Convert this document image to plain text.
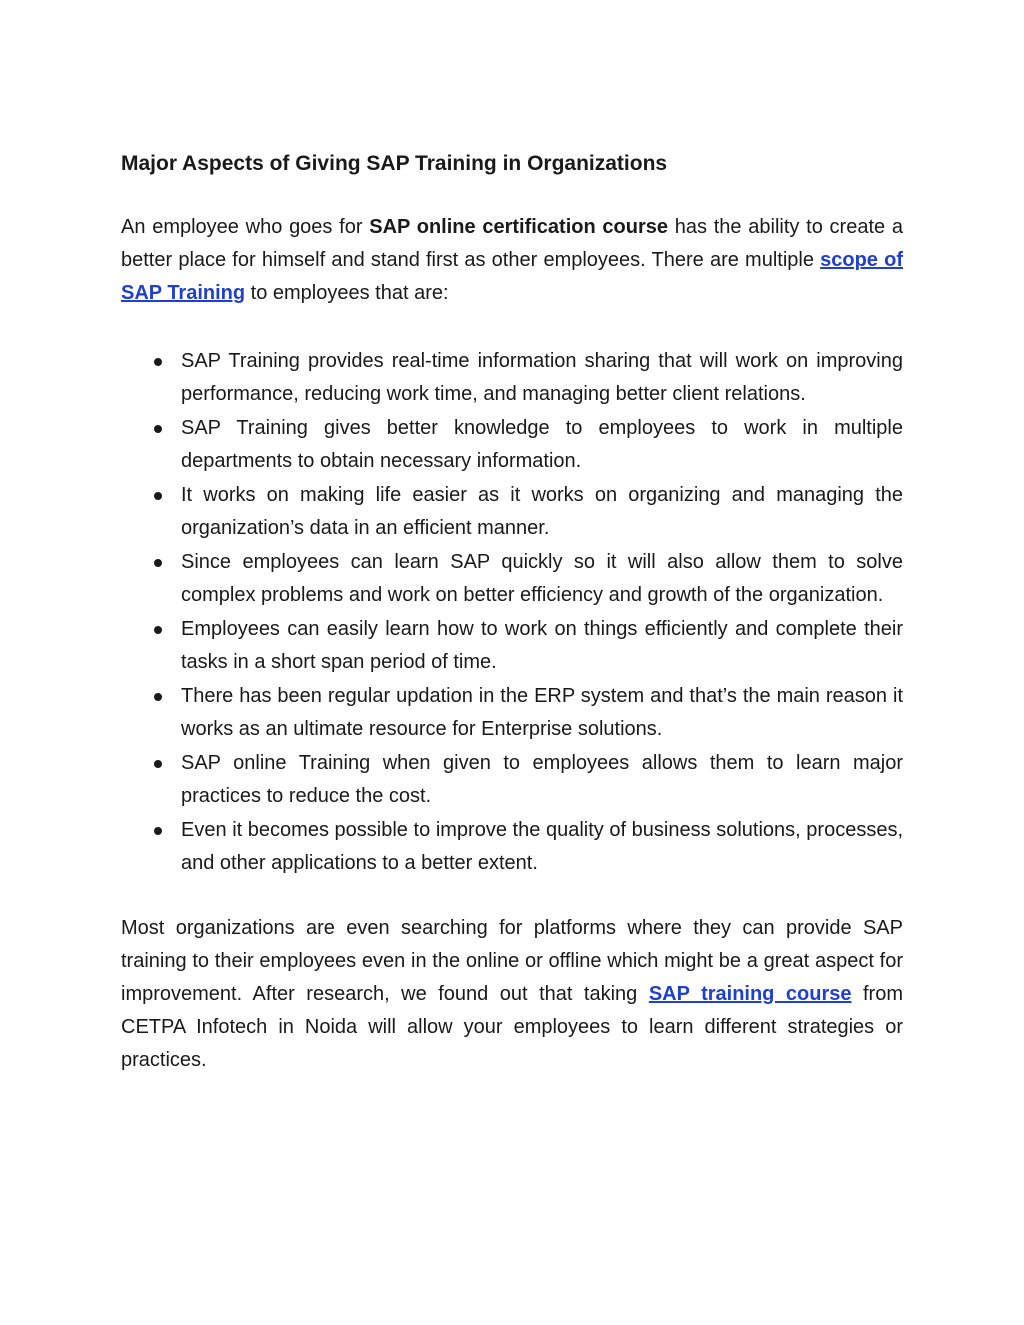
Major Aspects of Giving SAP Training in Organizations

An employee who goes for SAP online certification course has the ability to create a better place for himself and stand first as other employees. There are multiple scope of SAP Training to employees that are:

SAP Training provides real-time information sharing that will work on improving performance, reducing work time, and managing better client relations.
SAP Training gives better knowledge to employees to work in multiple departments to obtain necessary information.
It works on making life easier as it works on organizing and managing the organization’s data in an efficient manner.
Since employees can learn SAP quickly so it will also allow them to solve complex problems and work on better efficiency and growth of the organization.
Employees can easily learn how to work on things efficiently and complete their tasks in a short span period of time.
There has been regular updation in the ERP system and that’s the main reason it works as an ultimate resource for Enterprise solutions.
SAP online Training when given to employees allows them to learn major practices to reduce the cost.
Even it becomes possible to improve the quality of business solutions, processes, and other applications to a better extent.

Most organizations are even searching for platforms where they can provide SAP training to their employees even in the online or offline which might be a great aspect for improvement. After research, we found out that taking SAP training course from CETPA Infotech in Noida will allow your employees to learn different strategies or practices.
